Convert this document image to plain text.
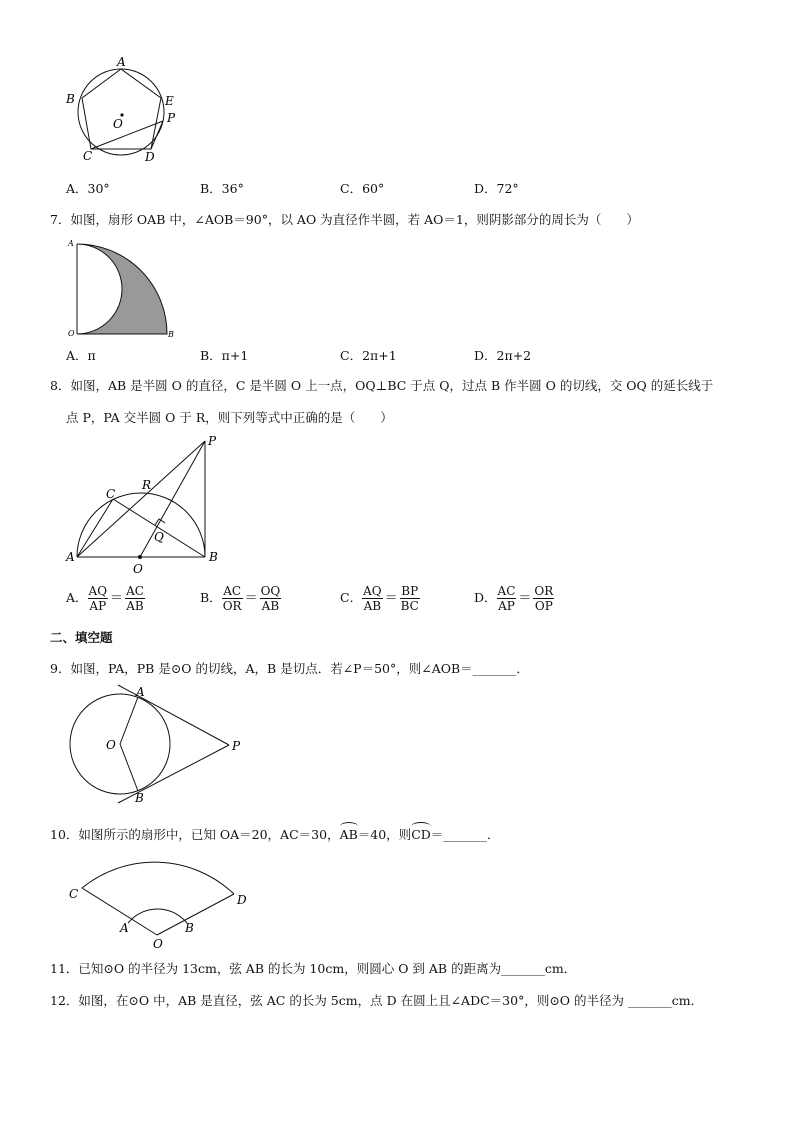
A
B	E
P
O
C	D
A．30°	B．36°	C．60°	D．72°
7．如图，扇形 OAB 中，∠AOB＝90°，以 AO 为直径作半圆，若 AO＝1，则阴影部分的周长为（　　）
A
O	B
A．π	B．π+1	C．2π+1	D．2π+2
8．如图，AB 是半圆 O 的直径，C 是半圆 O 上一点，OQ⊥BC 于点 Q，过点 B 作半圆 O 的切线，交 OQ 的延长线于
点 P，PA 交半圆 O 于 R，则下列等式中正确的是（　　）
P
C
R
Q
A
O
B
A． $\frac{AQ}{AP} = \frac{AC}{AB}$	B． $\frac{AC}{OR} = \frac{OQ}{AB}$	C． $\frac{AQ}{AB} = \frac{BP}{BC}$	D． $\frac{AC}{AP} = \frac{OR}{OP}$
二、填空题
9．如图，PA，PB 是⊙O 的切线，A，B 是切点．若∠P＝50°，则∠AOB＝_______．
A
O	P
B
10．如图所示的扇形中，已知 OA＝20，AC＝30，AB＝40，则CD＝_______．
C	D
A	B
O
11．已知⊙O 的半径为 13cm，弦 AB 的长为 10cm，则圆心 O 到 AB 的距离为_______cm．
12．如图，在⊙O 中，AB 是直径，弦 AC 的长为 5cm，点 D 在圆上且∠ADC＝30°，则⊙O 的半径为 _______cm．
